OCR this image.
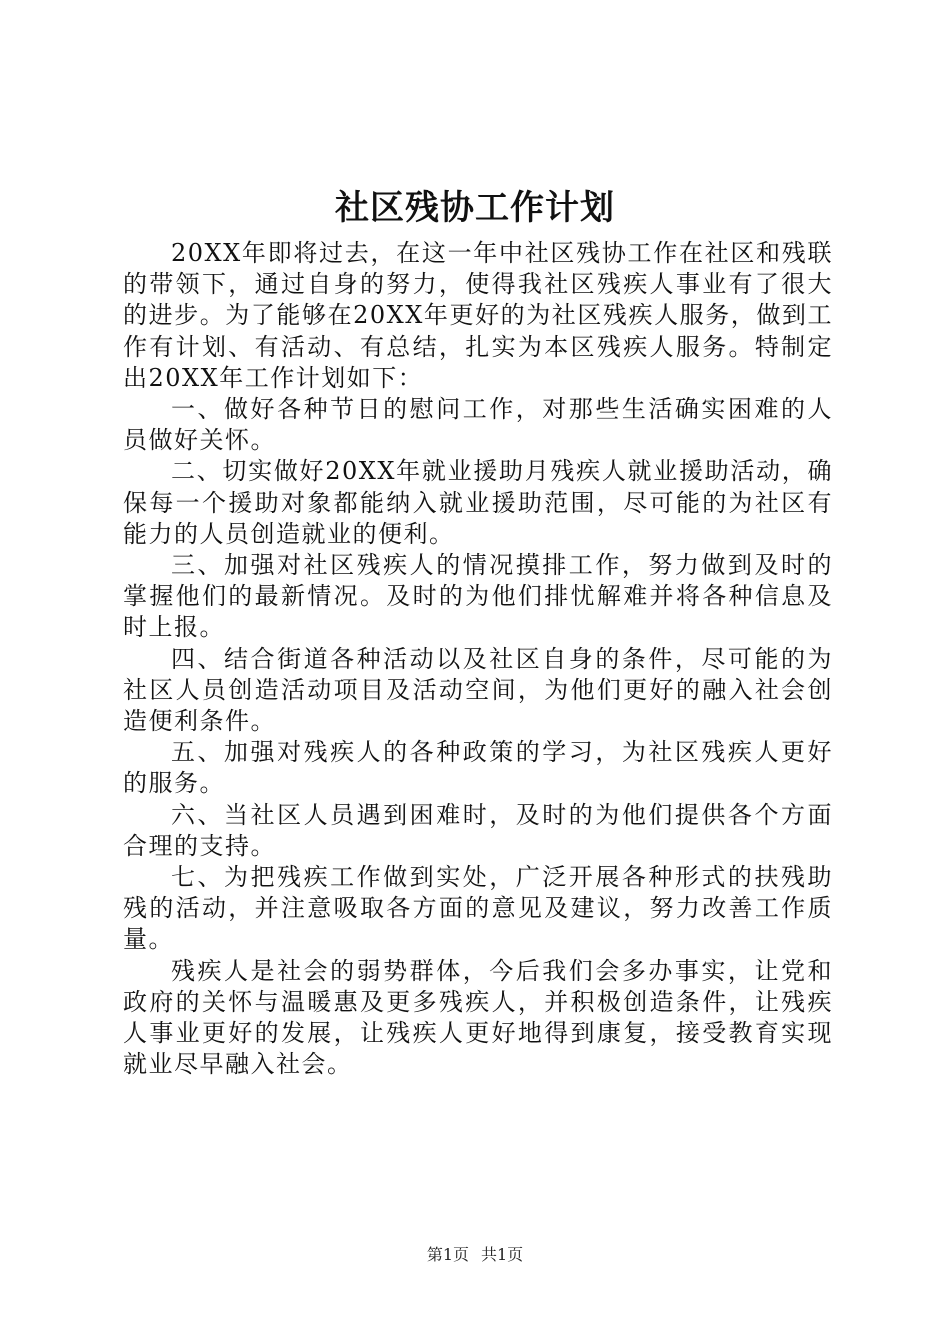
社区残协工作计划

20XX年即将过去，在这一年中社区残协工作在社区和残联的带领下，通过自身的努力，使得我社区残疾人事业有了很大的进步。为了能够在20XX年更好的为社区残疾人服务，做到工作有计划、有活动、有总结，扎实为本区残疾人服务。特制定出20XX年工作计划如下：

一、做好各种节日的慰问工作，对那些生活确实困难的人员做好关怀。

二、切实做好20XX年就业援助月残疾人就业援助活动，确保每一个援助对象都能纳入就业援助范围，尽可能的为社区有能力的人员创造就业的便利。

三、加强对社区残疾人的情况摸排工作，努力做到及时的掌握他们的最新情况。及时的为他们排忧解难并将各种信息及时上报。

四、结合街道各种活动以及社区自身的条件，尽可能的为社区人员创造活动项目及活动空间，为他们更好的融入社会创造便利条件。

五、加强对残疾人的各种政策的学习，为社区残疾人更好的服务。

六、当社区人员遇到困难时，及时的为他们提供各个方面合理的支持。

七、为把残疾工作做到实处，广泛开展各种形式的扶残助残的活动，并注意吸取各方面的意见及建议，努力改善工作质量。

残疾人是社会的弱势群体，今后我们会多办事实，让党和政府的关怀与温暖惠及更多残疾人，并积极创造条件，让残疾人事业更好的发展，让残疾人更好地得到康复，接受教育实现就业尽早融入社会。

第1页 共1页
